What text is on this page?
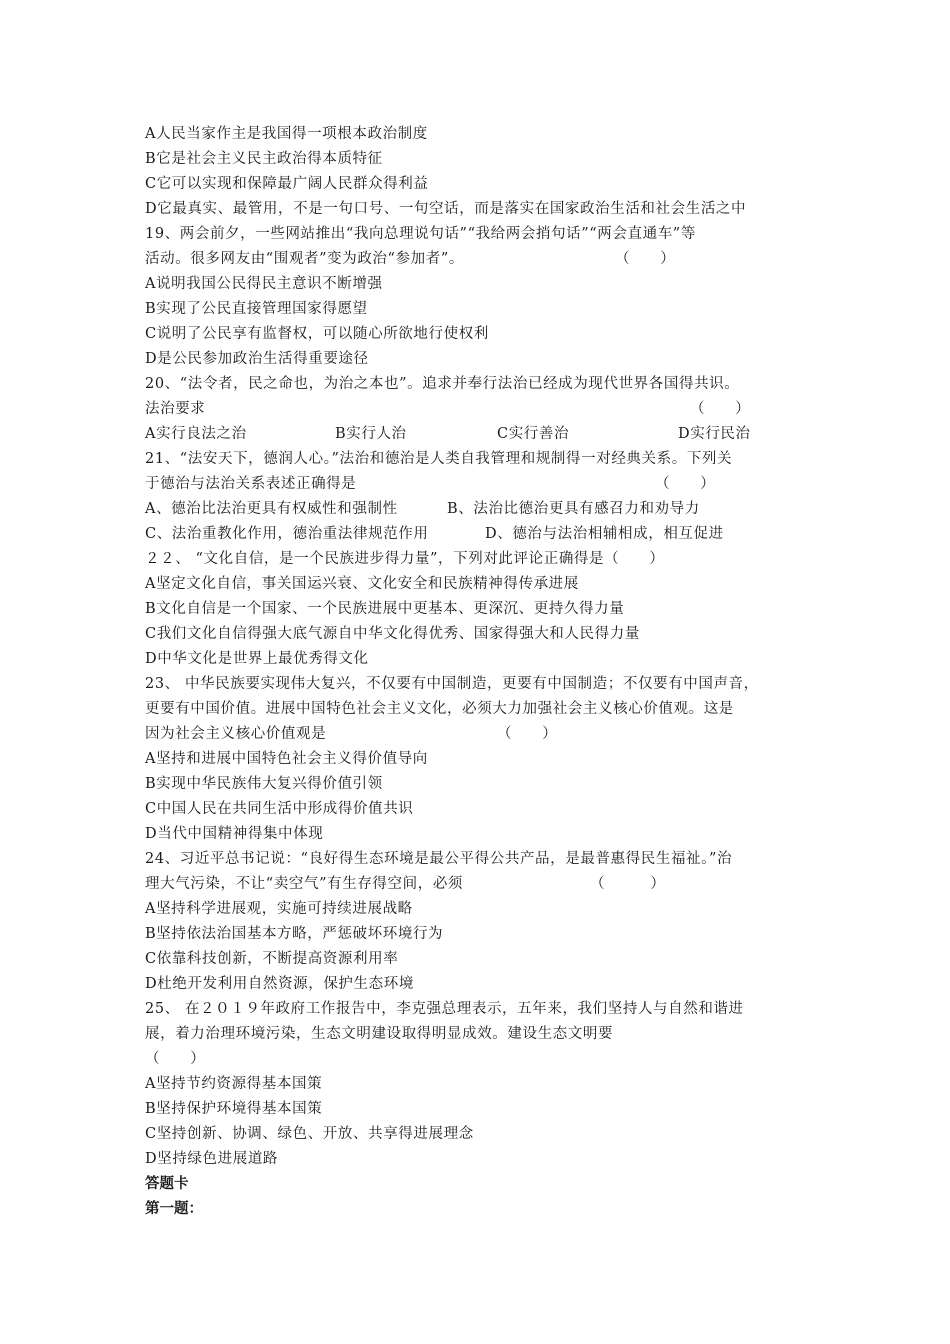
A人民当家作主是我国得一项根本政治制度
B它是社会主义民主政治得本质特征
C它可以实现和保障最广阔人民群众得利益
D它最真实、最管用，不是一句口号、一句空话，而是落实在国家政治生活和社会生活之中
19、两会前夕，一些网站推出“我向总理说句话”“我给两会捎句话”“两会直通车”等
活动。很多网友由“围观者”变为政治“参加者”。	（　　）
A说明我国公民得民主意识不断增强
B实现了公民直接管理国家得愿望
C说明了公民享有监督权，可以随心所欲地行使权利
D是公民参加政治生活得重要途径
20、“法令者，民之命也，为治之本也”。追求并奉行法治已经成为现代世界各国得共识。
法治要求	（　　）
A实行良法之治	B实行人治	C实行善治	D实行民治
21、“法安天下，德润人心。”法治和德治是人类自我管理和规制得一对经典关系。下列关
于德治与法治关系表述正确得是	（　　）
A、德治比法治更具有权威性和强制性	B、法治比德治更具有感召力和劝导力
C、法治重教化作用，德治重法律规范作用	D、德治与法治相辅相成，相互促进
２２、 “文化自信，是一个民族进步得力量”，下列对此评论正确得是（　　）
A坚定文化自信，事关国运兴衰、文化安全和民族精神得传承进展
B文化自信是一个国家、一个民族进展中更基本、更深沉、更持久得力量
C我们文化自信得强大底气源自中华文化得优秀、国家得强大和人民得力量
D中华文化是世界上最优秀得文化
23、 中华民族要实现伟大复兴，不仅要有中国制造，更要有中国制造；不仅要有中国声音，
更要有中国价值。进展中国特色社会主义文化，必须大力加强社会主义核心价值观。这是
因为社会主义核心价值观是	（　　）
A坚持和进展中国特色社会主义得价值导向
B实现中华民族伟大复兴得价值引领
C中国人民在共同生活中形成得价值共识
D当代中国精神得集中体现
24、习近平总书记说：“良好得生态环境是最公平得公共产品，是最普惠得民生福祉。”治
理大气污染，不让“卖空气”有生存得空间，必须	（　　　）
A坚持科学进展观，实施可持续进展战略
B坚持依法治国基本方略，严惩破坏环境行为
C依靠科技创新，不断提高资源利用率
D杜绝开发利用自然资源，保护生态环境
25、 在２０１９年政府工作报告中，李克强总理表示，五年来，我们坚持人与自然和谐进
展，着力治理环境污染，生态文明建设取得明显成效。建设生态文明要
（　　）
A坚持节约资源得基本国策
B坚持保护环境得基本国策
C坚持创新、协调、绿色、开放、共享得进展理念
D坚持绿色进展道路
答题卡
第一题：
